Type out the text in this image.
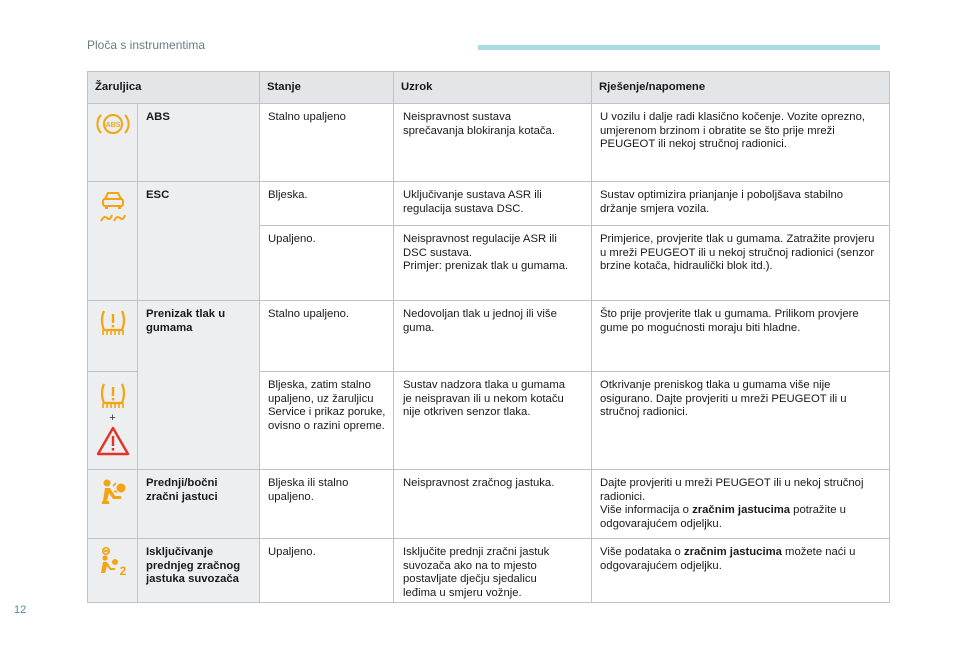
Ploča s instrumentima
Žaruljica		Stanje	Uzrok	Rješenje/napomene

ABS	ABS	Stalno upaljeno	Neispravnost sustava
sprečavanja blokiranja kotača.	U vozilu i dalje radi klasično kočenje. Vozite oprezno, umjerenom brzinom i obratite se što prije mreži PEUGEOT ili nekoj stručnoj radionici.

	ESC	Bljeska.	Uključivanje sustava ASR ili
regulacija sustava DSC.	Sustav optimizira prianjanje i poboljšava stabilno držanje smjera vozila.
		Upaljeno.	Neispravnost regulacije ASR ili
DSC sustava.
Primjer: prenizak tlak u gumama.	Primjerice, provjerite tlak u gumama. Zatražite provjeru u mreži PEUGEOT ili u nekoj stručnoj radionici (senzor brzine kotača, hidraulički blok itd.).

	Prenizak tlak u gumama	Stalno upaljeno.	Nedovoljan tlak u jednoj ili više
guma.	Što prije provjerite tlak u gumama. Prilikom provjere gume po mogućnosti moraju biti hladne.

+		Bljeska, zatim stalno upaljeno, uz žaruljicu Service i prikaz poruke, ovisno o razini opreme.	Sustav nadzora tlaka u gumama
je neispravan ili u nekom kotaču
nije otkriven senzor tlaka.	Otkrivanje preniskog tlaka u gumama više nije osigurano. Dajte provjeriti u mreži PEUGEOT ili u stručnoj radionici.

	Prednji/bočni zračni jastuci	Bljeska ili stalno upaljeno.	Neispravnost zračnog jastuka.	Dajte provjeriti u mreži PEUGEOT ili u nekoj stručnoj radionici. Više informacija o zračnim jastucima potražite u odgovarajućem odjeljku.

2	Isključivanje prednjeg zračnog jastuka suvozača	Upaljeno.	Isključite prednji zračni jastuk
suvozača ako na to mjesto
postavljate dječju sjedalicu
leđima u smjeru vožnje.	Više podataka o zračnim jastucima možete naći u odgovarajućem odjeljku.
12
